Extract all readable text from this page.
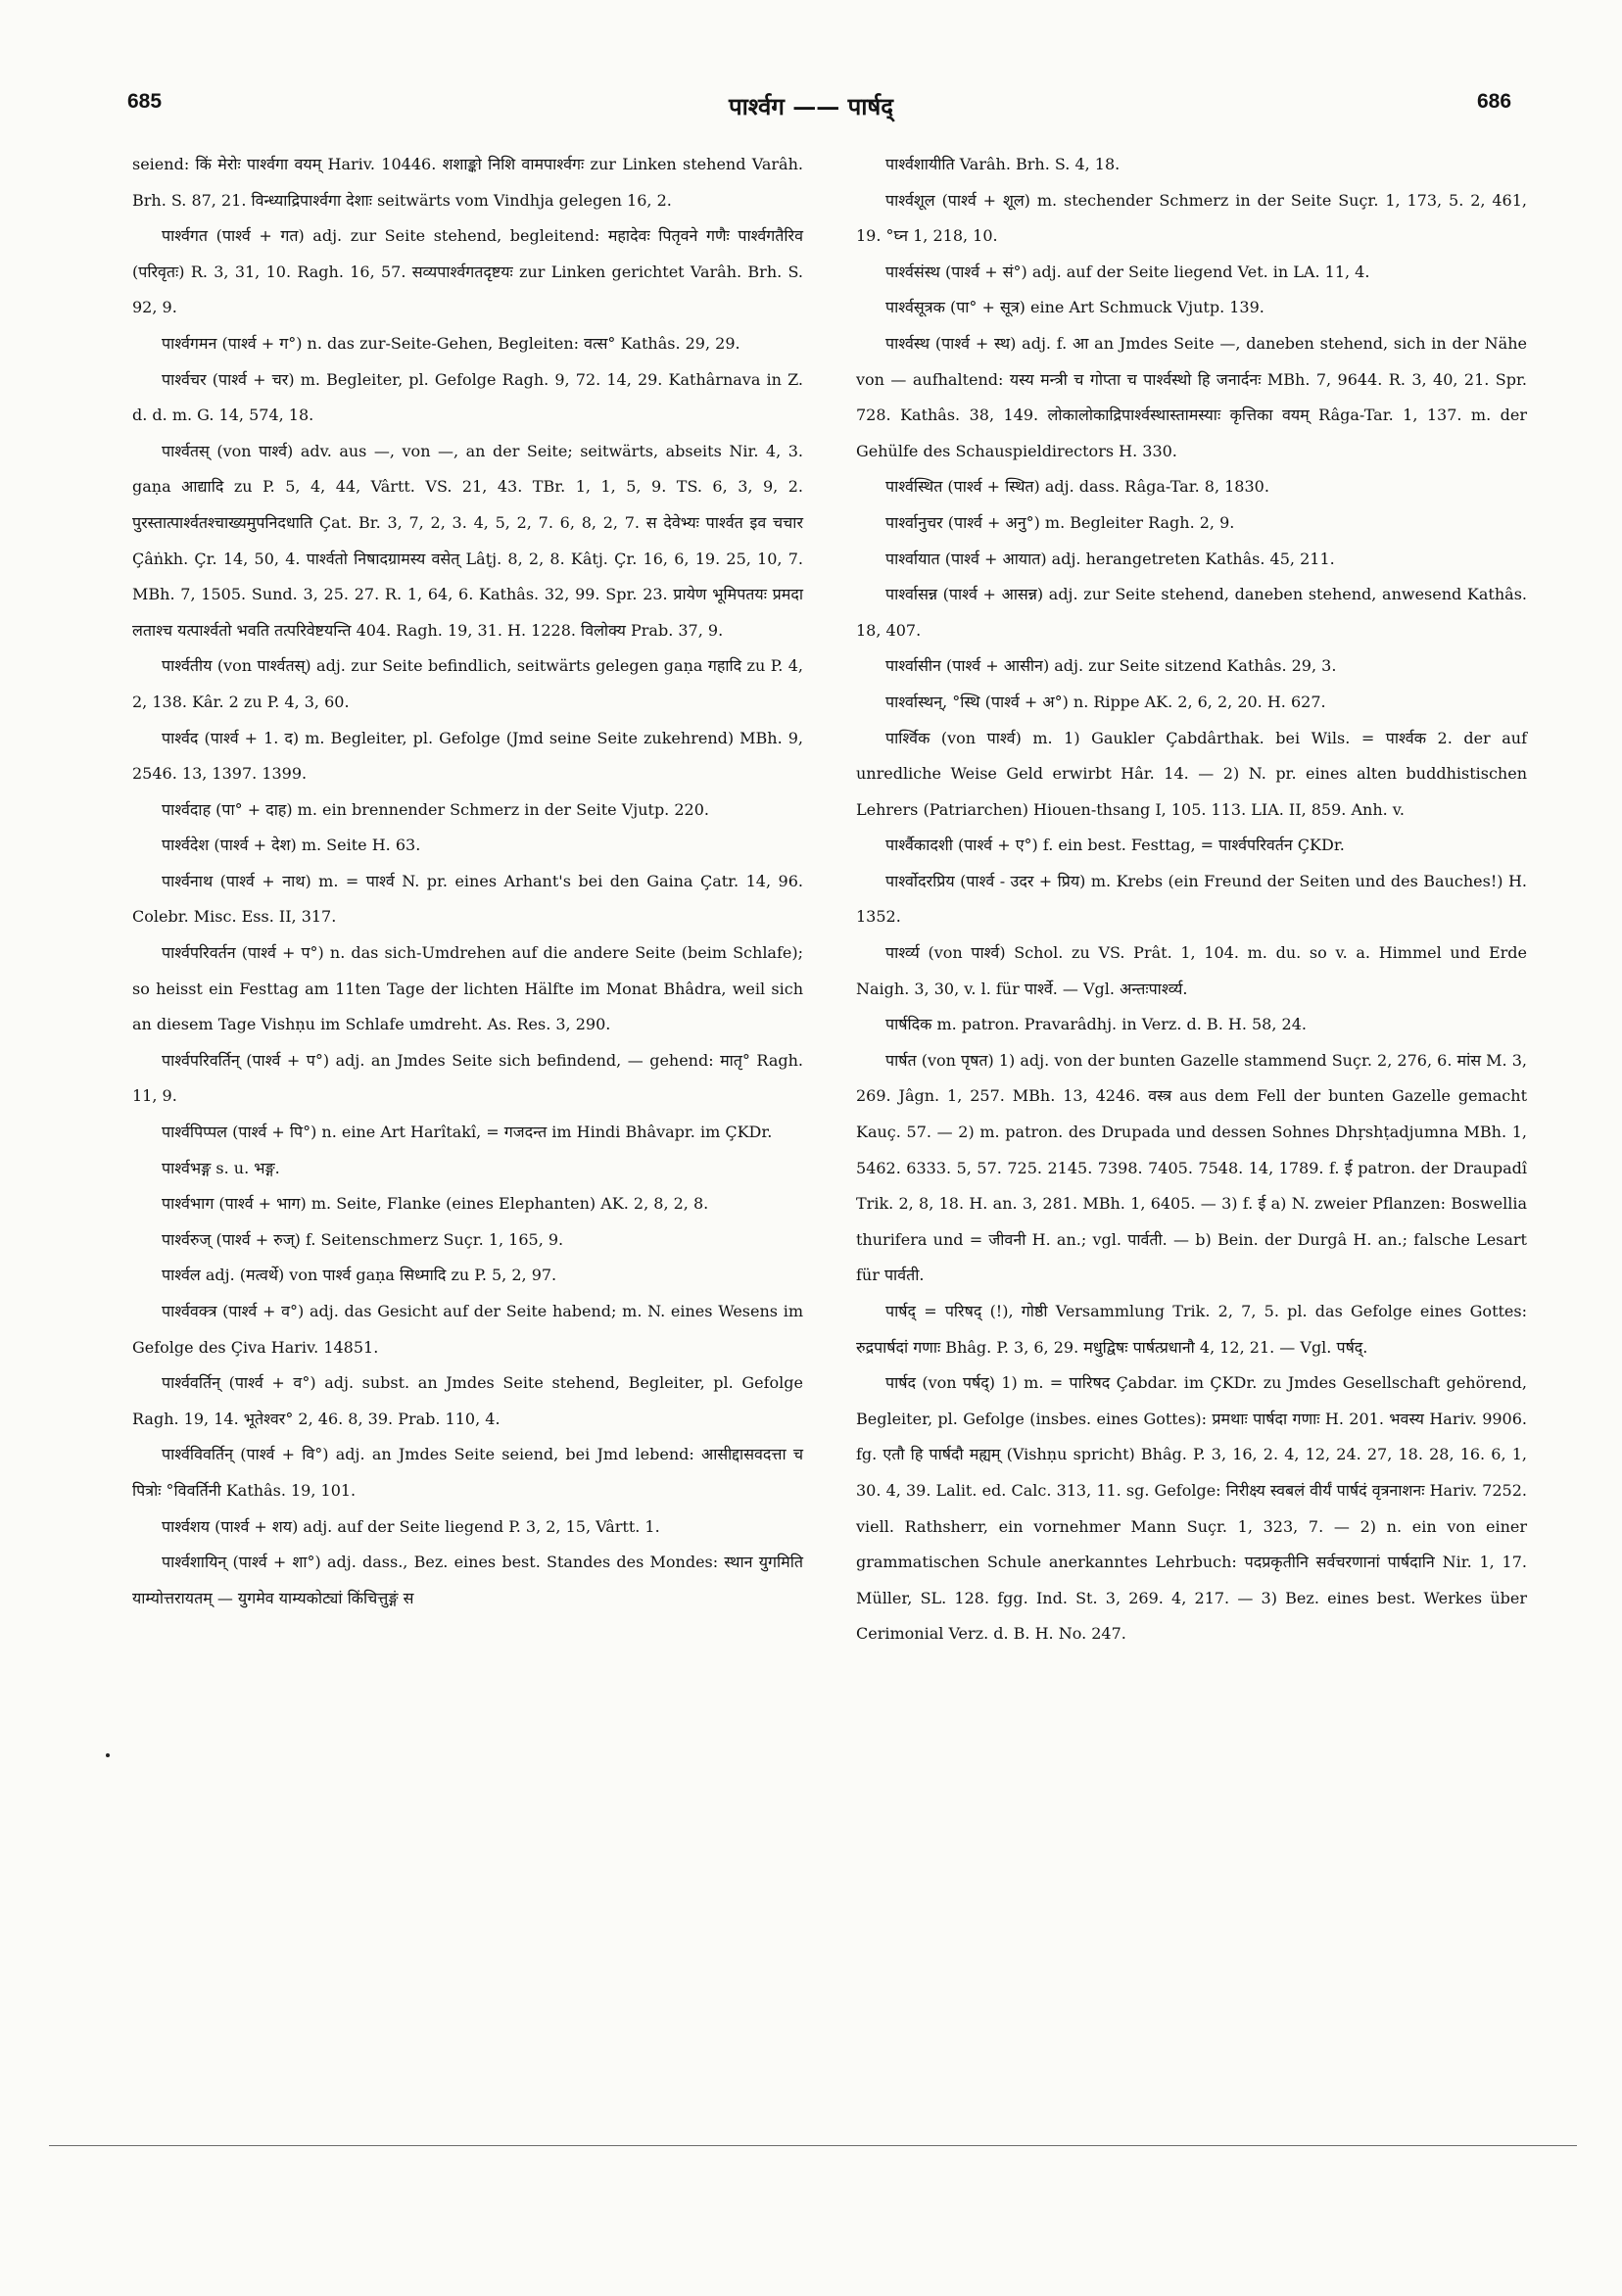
685	पार्श्वग —— पार्षद्	686

seiend: किं मेरोः पार्श्वगा वयम् Hariv. 10446. शशाङ्को निशि वामपार्श्वगः zur Linken stehend Varâh. Brh. S. 87, 21. विन्ध्याद्रिपार्श्वगा देशाः seitwärts vom Vindhja gelegen 16, 2.

पार्श्वगत (पार्श्व + गत) adj. zur Seite stehend, begleitend: महादेवः पितृवने गणैः पार्श्वगतैरिव (परिवृतः) R. 3, 31, 10. Ragh. 16, 57. सव्यपार्श्वगतदृष्टयः zur Linken gerichtet Varâh. Brh. S. 92, 9.

पार्श्वगमन (पार्श्व + ग°) n. das zur-Seite-Gehen, Begleiten: वत्स° Kathâs. 29, 29.

पार्श्वचर (पार्श्व + चर) m. Begleiter, pl. Gefolge Ragh. 9, 72. 14, 29. Kathârnava in Z. d. d. m. G. 14, 574, 18.

पार्श्वतस् (von पार्श्व) adv. aus —, von —, an der Seite; seitwärts, abseits Nir. 4, 3. gaṇa आद्यादि zu P. 5, 4, 44, Vârtt. VS. 21, 43. TBr. 1, 1, 5, 9. TS. 6, 3, 9, 2. पुरस्तात्पार्श्वतश्चाख्यमुपनिदधाति Çat. Br. 3, 7, 2, 3. 4, 5, 2, 7. 6, 8, 2, 7. स देवेभ्यः पार्श्वत इव चचार Çâṅkh. Çr. 14, 50, 4. पार्श्वतो निषादग्रामस्य वसेत् Lâṭj. 8, 2, 8. Kâtj. Çr. 16, 6, 19. 25, 10, 7. MBh. 7, 1505. Sund. 3, 25. 27. R. 1, 64, 6. Kathâs. 32, 99. Spr. 23. प्रायेण भूमिपतयः प्रमदा लताश्च यत्पार्श्वतो भवति तत्परिवेष्टयन्ति 404. Ragh. 19, 31. H. 1228. विलोक्य Prab. 37, 9.

पार्श्वतीय (von पार्श्वतस्) adj. zur Seite befindlich, seitwärts gelegen gaṇa गहादि zu P. 4, 2, 138. Kâr. 2 zu P. 4, 3, 60.

पार्श्वद (पार्श्व + 1. द) m. Begleiter, pl. Gefolge (Jmd seine Seite zukehrend) MBh. 9, 2546. 13, 1397. 1399.

पार्श्वदाह (पा° + दाह) m. ein brennender Schmerz in der Seite Vjutp. 220.

पार्श्वदेश (पार्श्व + देश) m. Seite H. 63.

पार्श्वनाथ (पार्श्व + नाथ) m. = पार्श्व N. pr. eines Arhant's bei den Gaina Çatr. 14, 96. Colebr. Misc. Ess. II, 317.

पार्श्वपरिवर्तन (पार्श्व + प°) n. das sich-Umdrehen auf die andere Seite (beim Schlafe); so heisst ein Festtag am 11ten Tage der lichten Hälfte im Monat Bhâdra, weil sich an diesem Tage Vishṇu im Schlafe umdreht. As. Res. 3, 290.

पार्श्वपरिवर्तिन् (पार्श्व + प°) adj. an Jmdes Seite sich befindend, — gehend: मातृ° Ragh. 11, 9.

पार्श्वपिप्पल (पार्श्व + पि°) n. eine Art Harîtakî, = गजदन्त im Hindi Bhâvapr. im ÇKDr.

पार्श्वभङ्ग s. u. भङ्ग.

पार्श्वभाग (पार्श्व + भाग) m. Seite, Flanke (eines Elephanten) AK. 2, 8, 2, 8.

पार्श्वरुज् (पार्श्व + रुज्) f. Seitenschmerz Suçr. 1, 165, 9.

पार्श्वल adj. (मत्वर्थे) von पार्श्व gaṇa सिध्मादि zu P. 5, 2, 97.

पार्श्ववक्त्र (पार्श्व + व°) adj. das Gesicht auf der Seite habend; m. N. eines Wesens im Gefolge des Çiva Hariv. 14851.

पार्श्ववर्तिन् (पार्श्व + व°) adj. subst. an Jmdes Seite stehend, Begleiter, pl. Gefolge Ragh. 19, 14. भूतेश्वर° 2, 46. 8, 39. Prab. 110, 4.

पार्श्वविवर्तिन् (पार्श्व + वि°) adj. an Jmdes Seite seiend, bei Jmd lebend: आसीद्दासवदत्ता च पित्रोः °विवर्तिनी Kathâs. 19, 101.

पार्श्वशय (पार्श्व + शय) adj. auf der Seite liegend P. 3, 2, 15, Vârtt. 1.

पार्श्वशायिन् (पार्श्व + शा°) adj. dass., Bez. eines best. Standes des Mondes: स्थान युगमिति याम्योत्तरायतम् — युगमेव याम्यकोट्यां किंचित्तुङ्गं स

पार्श्वशायीति Varâh. Brh. S. 4, 18.

पार्श्वशूल (पार्श्व + शूल) m. stechender Schmerz in der Seite Suçr. 1, 173, 5. 2, 461, 19. °घ्न 1, 218, 10.

पार्श्वसंस्थ (पार्श्व + सं°) adj. auf der Seite liegend Vet. in LA. 11, 4.

पार्श्वसूत्रक (पा° + सूत्र) eine Art Schmuck Vjutp. 139.

पार्श्वस्थ (पार्श्व + स्थ) adj. f. आ an Jmdes Seite —, daneben stehend, sich in der Nähe von — aufhaltend: यस्य मन्त्री च गोप्ता च पार्श्वस्थो हि जनार्दनः MBh. 7, 9644. R. 3, 40, 21. Spr. 728. Kathâs. 38, 149. लोकालोकाद्रिपार्श्वस्थास्तामस्याः कृत्तिका वयम् Râga-Tar. 1, 137. m. der Gehülfe des Schauspieldirectors H. 330.

पार्श्वस्थित (पार्श्व + स्थित) adj. dass. Râga-Tar. 8, 1830.

पार्श्वानुचर (पार्श्व + अनु°) m. Begleiter Ragh. 2, 9.

पार्श्वायात (पार्श्व + आयात) adj. herangetreten Kathâs. 45, 211.

पार्श्वासन्न (पार्श्व + आसन्न) adj. zur Seite stehend, daneben stehend, anwesend Kathâs. 18, 407.

पार्श्वासीन (पार्श्व + आसीन) adj. zur Seite sitzend Kathâs. 29, 3.

पार्श्वास्थन्, °स्थि (पार्श्व + अ°) n. Rippe AK. 2, 6, 2, 20. H. 627.

पार्श्विक (von पार्श्व) m. 1) Gaukler Çabdârthak. bei Wils. = पार्श्वक 2. der auf unredliche Weise Geld erwirbt Hâr. 14. — 2) N. pr. eines alten buddhistischen Lehrers (Patriarchen) Hiouen-thsang I, 105. 113. LIA. II, 859. Anh. v.

पार्श्वैकादशी (पार्श्व + ए°) f. ein best. Festtag, = पार्श्वपरिवर्तन ÇKDr.

पार्श्वोदरप्रिय (पार्श्व - उदर + प्रिय) m. Krebs (ein Freund der Seiten und des Bauches!) H. 1352.

पार्श्व्य (von पार्श्व) Schol. zu VS. Prât. 1, 104. m. du. so v. a. Himmel und Erde Naigh. 3, 30, v. l. für पार्श्वे. — Vgl. अन्तःपार्श्व्य.

पार्षदिक m. patron. Pravarâdhj. in Verz. d. B. H. 58, 24.

पार्षत (von पृषत) 1) adj. von der bunten Gazelle stammend Suçr. 2, 276, 6. मांस M. 3, 269. Jâgn. 1, 257. MBh. 13, 4246. वस्त्र aus dem Fell der bunten Gazelle gemacht Kauç. 57. — 2) m. patron. des Drupada und dessen Sohnes Dhṛshṭadjumna MBh. 1, 5462. 6333. 5, 57. 725. 2145. 7398. 7405. 7548. 14, 1789. f. ई patron. der Draupadî Trik. 2, 8, 18. H. an. 3, 281. MBh. 1, 6405. — 3) f. ई a) N. zweier Pflanzen: Boswellia thurifera und = जीवनी H. an.; vgl. पार्वती. — b) Bein. der Durgâ H. an.; falsche Lesart für पार्वती.

पार्षद् = परिषद् (!), गोष्ठी Versammlung Trik. 2, 7, 5. pl. das Gefolge eines Gottes: रुद्रपार्षदां गणाः Bhâg. P. 3, 6, 29. मधुद्विषः पार्षत्प्रधानौ 4, 12, 21. — Vgl. पर्षद्.

पार्षद (von पर्षद्) 1) m. = पारिषद Çabdar. im ÇKDr. zu Jmdes Gesellschaft gehörend, Begleiter, pl. Gefolge (insbes. eines Gottes): प्रमथाः पार्षदा गणाः H. 201. भवस्य Hariv. 9906. fg. एतौ हि पार्षदौ मह्यम् (Vishṇu spricht) Bhâg. P. 3, 16, 2. 4, 12, 24. 27, 18. 28, 16. 6, 1, 30. 4, 39. Lalit. ed. Calc. 313, 11. sg. Gefolge: निरीक्ष्य स्वबलं वीर्यं पार्षदं वृत्रनाशनः Hariv. 7252. viell. Rathsherr, ein vornehmer Mann Suçr. 1, 323, 7. — 2) n. ein von einer grammatischen Schule anerkanntes Lehrbuch: पदप्रकृतीनि सर्वचरणानां पार्षदानि Nir. 1, 17. Müller, SL. 128. fgg. Ind. St. 3, 269. 4, 217. — 3) Bez. eines best. Werkes über Cerimonial Verz. d. B. H. No. 247.
